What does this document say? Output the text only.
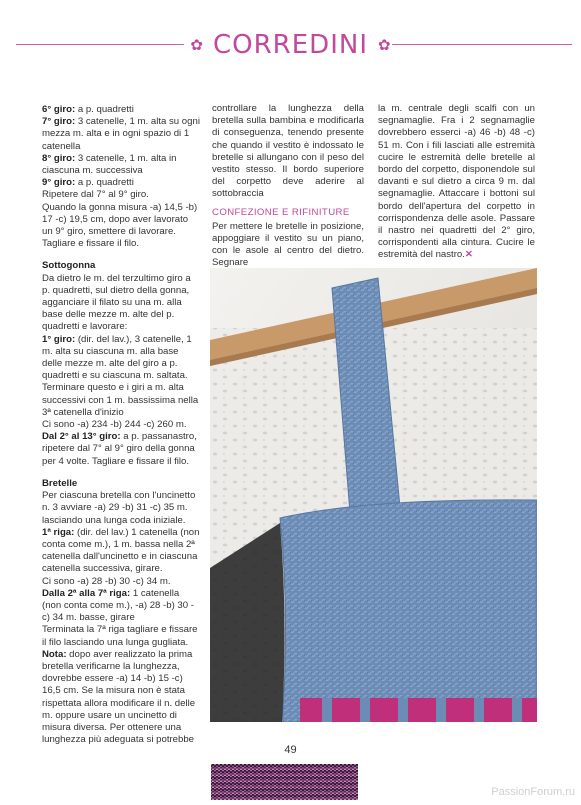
✿ CORREDINI ✿

6° giro: a p. quadretti

7° giro: 3 catenelle, 1 m. alta su ogni mezza m. alta e in ogni spazio di 1 catenella

8° giro: 3 catenelle, 1 m. alta in ciascuna m. successiva

9° giro: a p. quadretti

Ripetere dal 7° al 9° giro.

Quando la gonna misura -a) 14,5 -b) 17 -c) 19,5 cm, dopo aver lavorato un 9° giro, smettere di lavorare. Tagliare e fissare il filo.

Sottogonna

Da dietro le m. del terzultimo giro a p. quadretti, sul dietro della gonna, agganciare il filato su una m. alla base delle mezze m. alte del p. quadretti e lavorare:

1° giro: (dir. del lav.), 3 catenelle, 1 m. alta su ciascuna m. alla base delle mezze m. alte del giro a p. quadretti e su ciascuna m. saltata. Terminare questo e i giri a m. alta successivi con 1 m. bassissima nella 3ª catenella d'inizio

Ci sono -a) 234 -b) 244 -c) 260 m.

Dal 2° al 13° giro: a p. passanastro, ripetere dal 7° al 9° giro della gonna per 4 volte. Tagliare e fissare il filo.

Bretelle

Per ciascuna bretella con l'uncinetto n. 3 avviare -a) 29 -b) 31 -c) 35 m. lasciando una lunga coda iniziale.

1ª riga: (dir. del lav.) 1 catenella (non conta come m.), 1 m. bassa nella 2ª catenella dall'uncinetto e in ciascuna catenella successiva, girare.

Ci sono -a) 28 -b) 30 -c) 34 m.

Dalla 2ª alla 7ª riga: 1 catenella (non conta come m.), -a) 28 -b) 30 -c) 34 m. basse, girare

Terminata la 7ª riga tagliare e fissare il filo lasciando una lunga gugliata.

Nota: dopo aver realizzato la prima bretella verificarne la lunghezza, dovrebbe essere -a) 14 -b) 15 -c) 16,5 cm. Se la misura non è stata rispettata allora modificare il n. delle m. oppure usare un uncinetto di misura diversa. Per ottenere una lunghezza più adeguata si potrebbe

controllare la lunghezza della bretella sulla bambina e modificarla di conseguenza, tenendo presente che quando il vestito è indossato le bretelle si allungano con il peso del vestito stesso. Il bordo superiore del corpetto deve aderire al sottobraccia

CONFEZIONE E RIFINITURE

Per mettere le bretelle in posizione, appoggiare il vestito su un piano, con le asole al centro del dietro. Segnare

la m. centrale degli scalfi con un segnamaglie. Fra i 2 segnamaglie dovrebbero esserci -a) 46 -b) 48 -c) 51 m. Con i fili lasciati alle estremità cucire le estremità delle bretelle al bordo del corpetto, disponendole sul davanti e sul dietro a circa 9 m. dal segnamaglie. Attaccare i bottoni sul bordo dell'apertura del corpetto in corrispondenza delle asole. Passare il nastro nei quadretti del 2° giro, corrispondenti alla cintura. Cucire le estremità del nastro.✕

49
PassionForum.ru
